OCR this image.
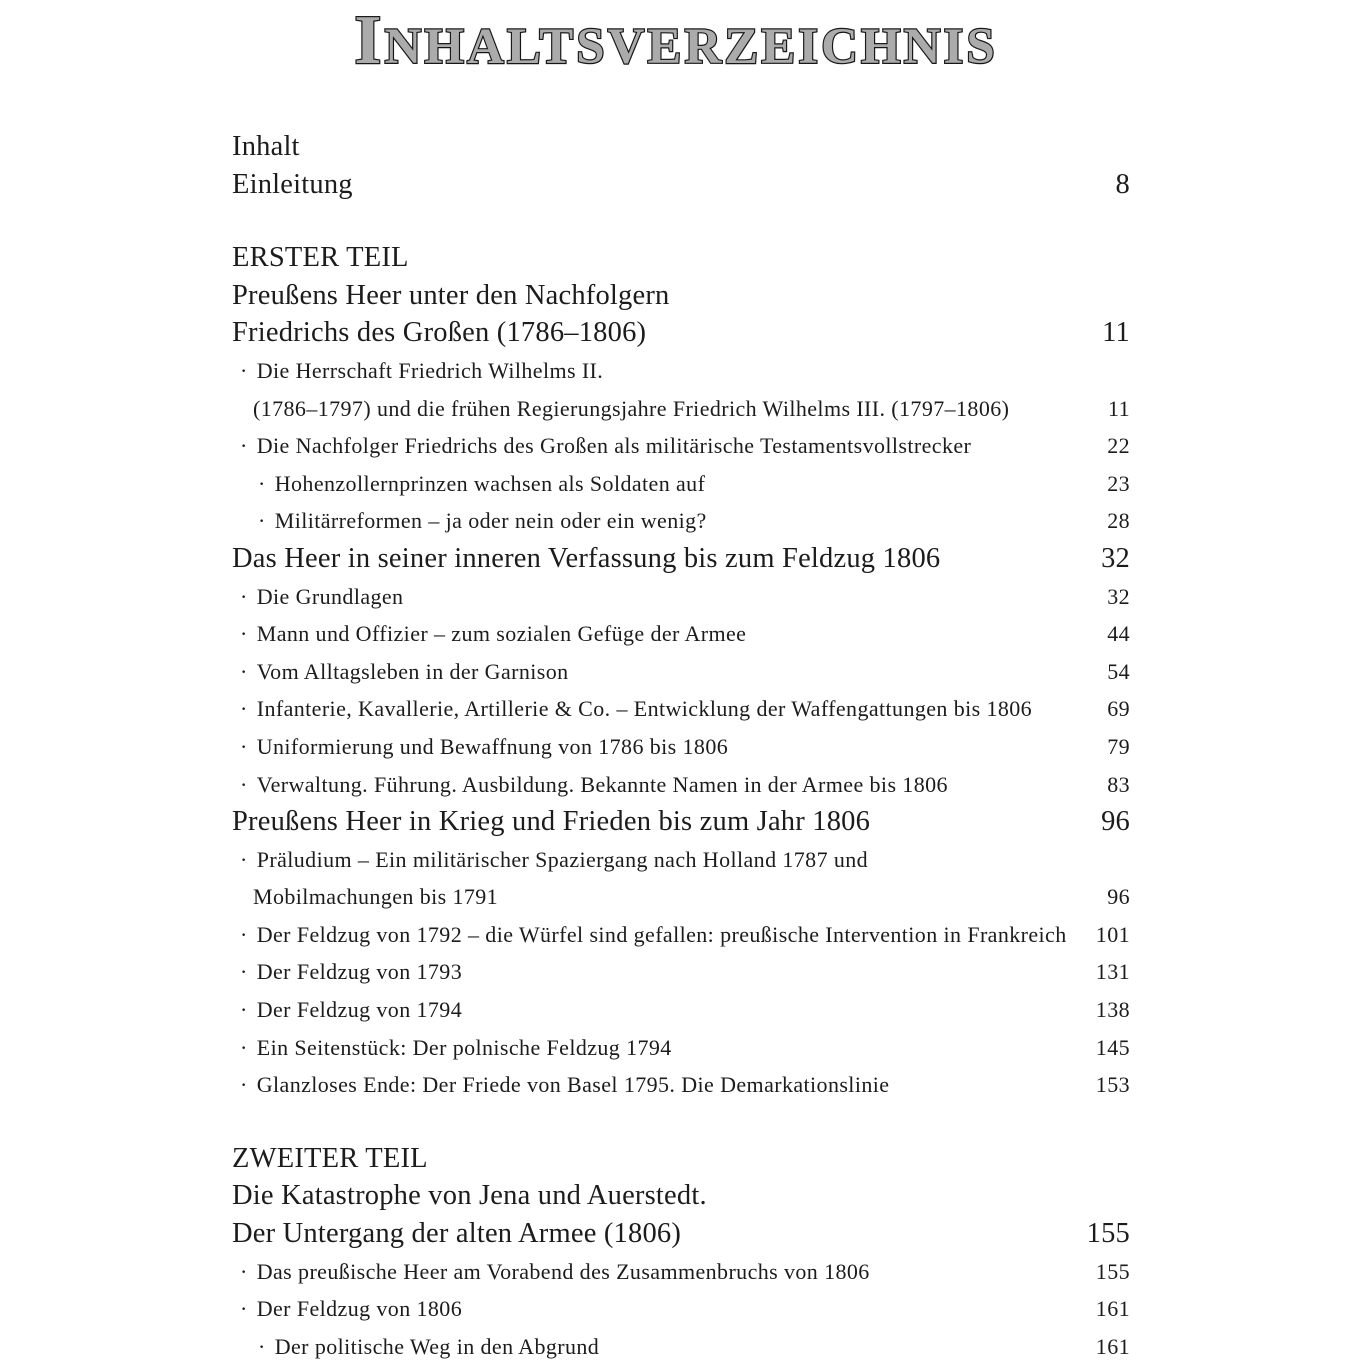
INHALTSVERZEICHNIS
Inhalt
Einleitung	8
ERSTER TEIL
Preußens Heer unter den Nachfolgern
Friedrichs des Großen (1786–1806)	11
· Die Herrschaft Friedrich Wilhelms II.
(1786–1797) und die frühen Regierungsjahre Friedrich Wilhelms III. (1797–1806)	11
· Die Nachfolger Friedrichs des Großen als militärische Testamentsvollstrecker	22
· Hohenzollernprinzen wachsen als Soldaten auf	23
· Militärreformen – ja oder nein oder ein wenig?	28
Das Heer in seiner inneren Verfassung bis zum Feldzug 1806	32
· Die Grundlagen	32
· Mann und Offizier – zum sozialen Gefüge der Armee	44
· Vom Alltagsleben in der Garnison	54
· Infanterie, Kavallerie, Artillerie & Co. – Entwicklung der Waffengattungen bis 1806	69
· Uniformierung und Bewaffnung von 1786 bis 1806	79
· Verwaltung. Führung. Ausbildung. Bekannte Namen in der Armee bis 1806	83
Preußens Heer in Krieg und Frieden bis zum Jahr 1806	96
· Präludium – Ein militärischer Spaziergang nach Holland 1787 und
Mobilmachungen bis 1791	96
· Der Feldzug von 1792 – die Würfel sind gefallen: preußische Intervention in Frankreich	101
· Der Feldzug von 1793	131
· Der Feldzug von 1794	138
· Ein Seitenstück: Der polnische Feldzug 1794	145
· Glanzloses Ende: Der Friede von Basel 1795. Die Demarkationslinie	153
ZWEITER TEIL
Die Katastrophe von Jena und Auerstedt.
Der Untergang der alten Armee (1806)	155
· Das preußische Heer am Vorabend des Zusammenbruchs von 1806	155
· Der Feldzug von 1806	161
· Der politische Weg in den Abgrund	161
